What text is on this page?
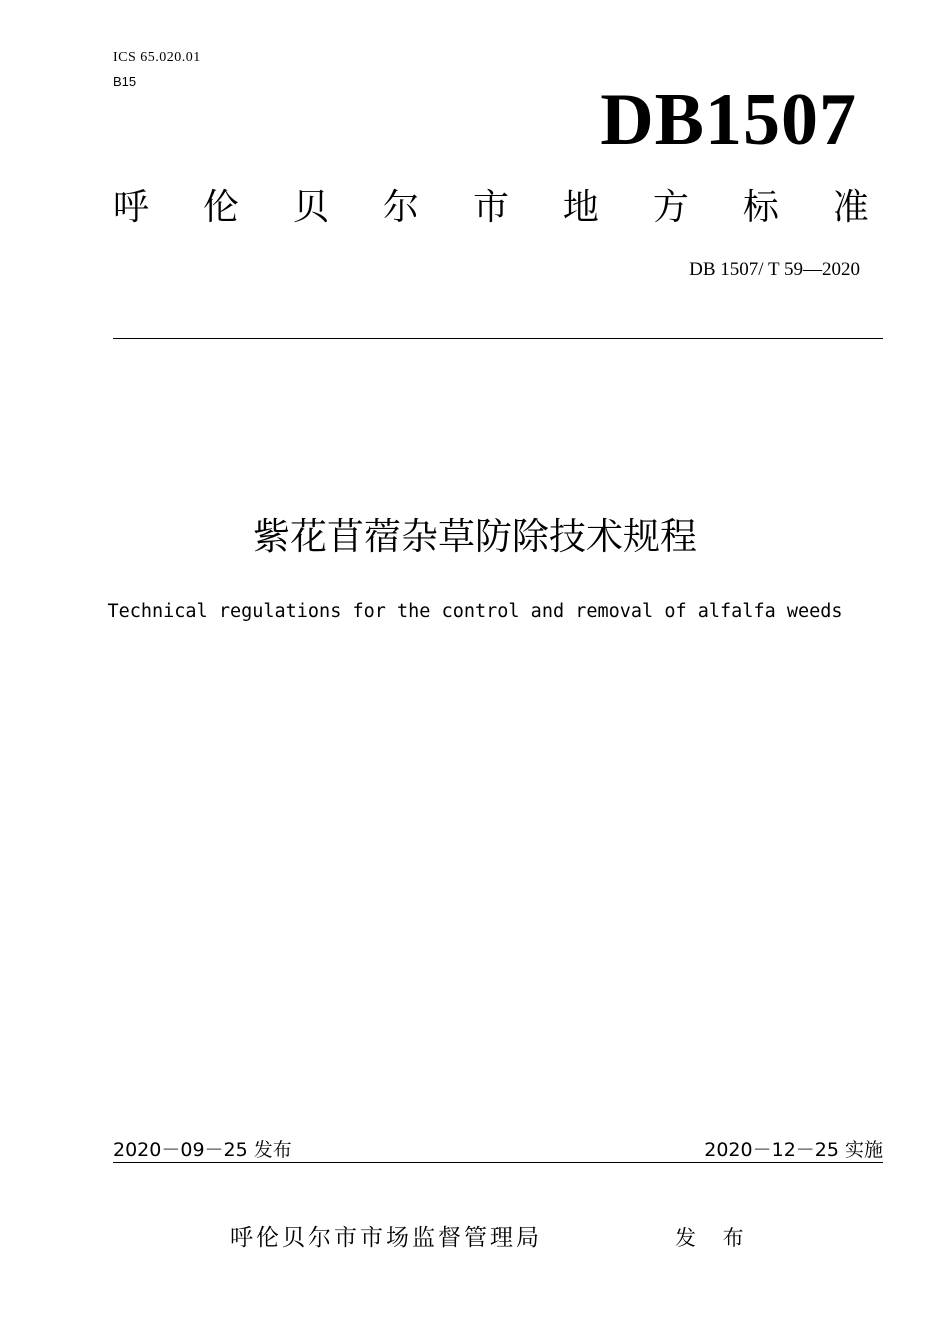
ICS 65.020.01
B15	DB1507
呼 伦 贝 尔 市 地 方 标 准
DB 1507/ T 59—2020
紫花苜蓿杂草防除技术规程
Technical regulations for the control and removal of alfalfa weeds
2020－09－25 发布	2020－12－25 实施
呼伦贝尔市市场监督管理局	发 布
